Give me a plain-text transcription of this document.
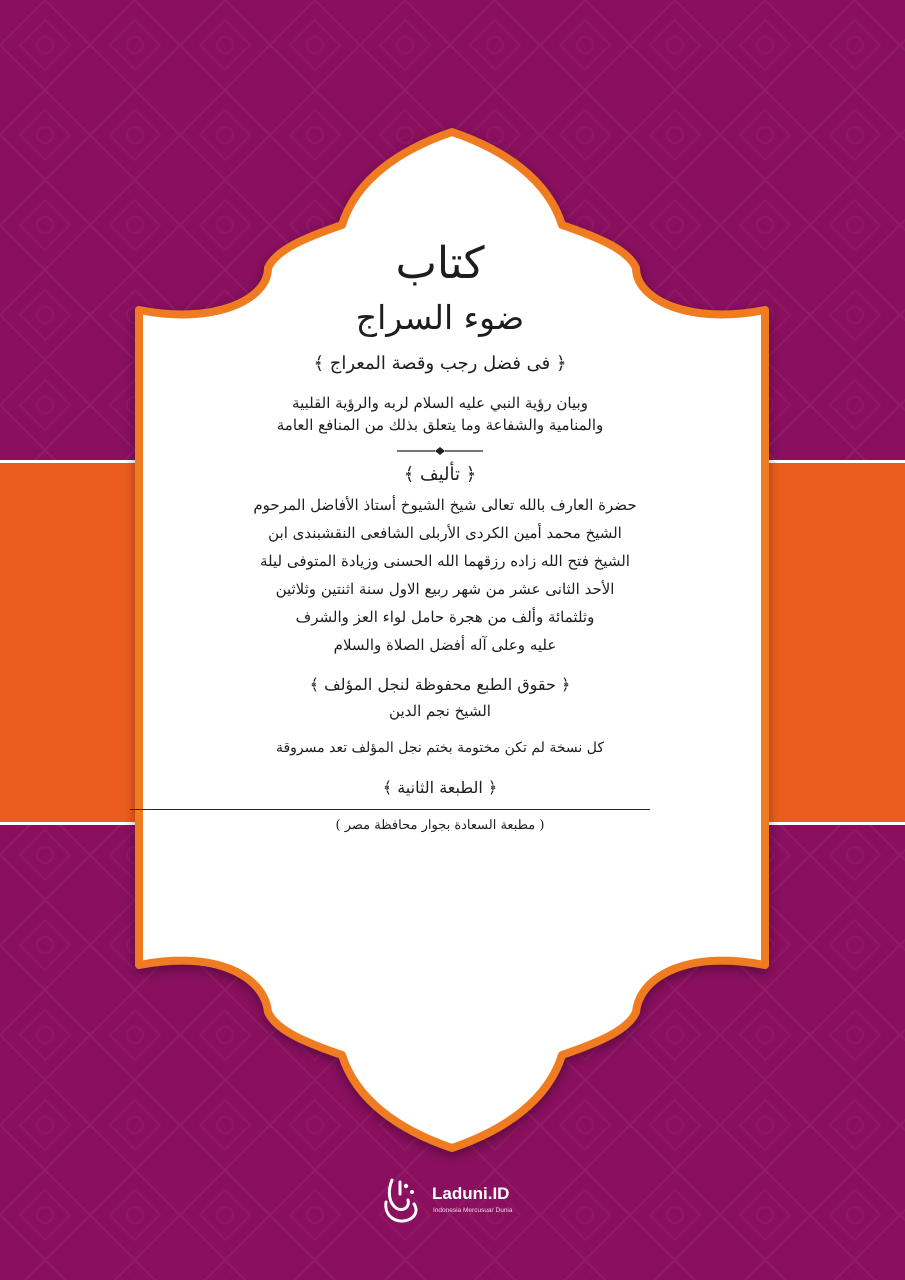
كتاب
ضوء السراج
﴿ فى فضل رجب وقصة المعراج ﴾
وبيان رؤية النبي عليه السلام لربه والرؤية القلبية
والمنامية والشفاعة وما يتعلق بذلك من المنافع العامة
﴿ تأليف ﴾
حضرة العارف بالله تعالى شيخ الشيوخ أستاذ الأفاضل المرحوم
الشيخ محمد أمين الكردى الأربلى الشافعى النقشبندى ابن
الشيخ فتح الله زاده رزقهما الله الحسنى وزيادة المتوفى ليلة
الأحد الثانى عشر من شهر ربيع الاول سنة اثنتين وثلاثين
وثلثمائة وألف من هجرة حامل لواء العز والشرف
عليه وعلى آله أفضل الصلاة والسلام
﴿ حقوق الطبع محفوظة لنجل المؤلف ﴾
الشيخ نجم الدين
كل نسخة لم تكن مختومة بختم نجل المؤلف تعد مسروقة
﴿ الطبعة الثانية ﴾
( مطبعة السعادة بجوار محافظة مصر )
Laduni.ID
Indonesia Mercusuar Dunia
